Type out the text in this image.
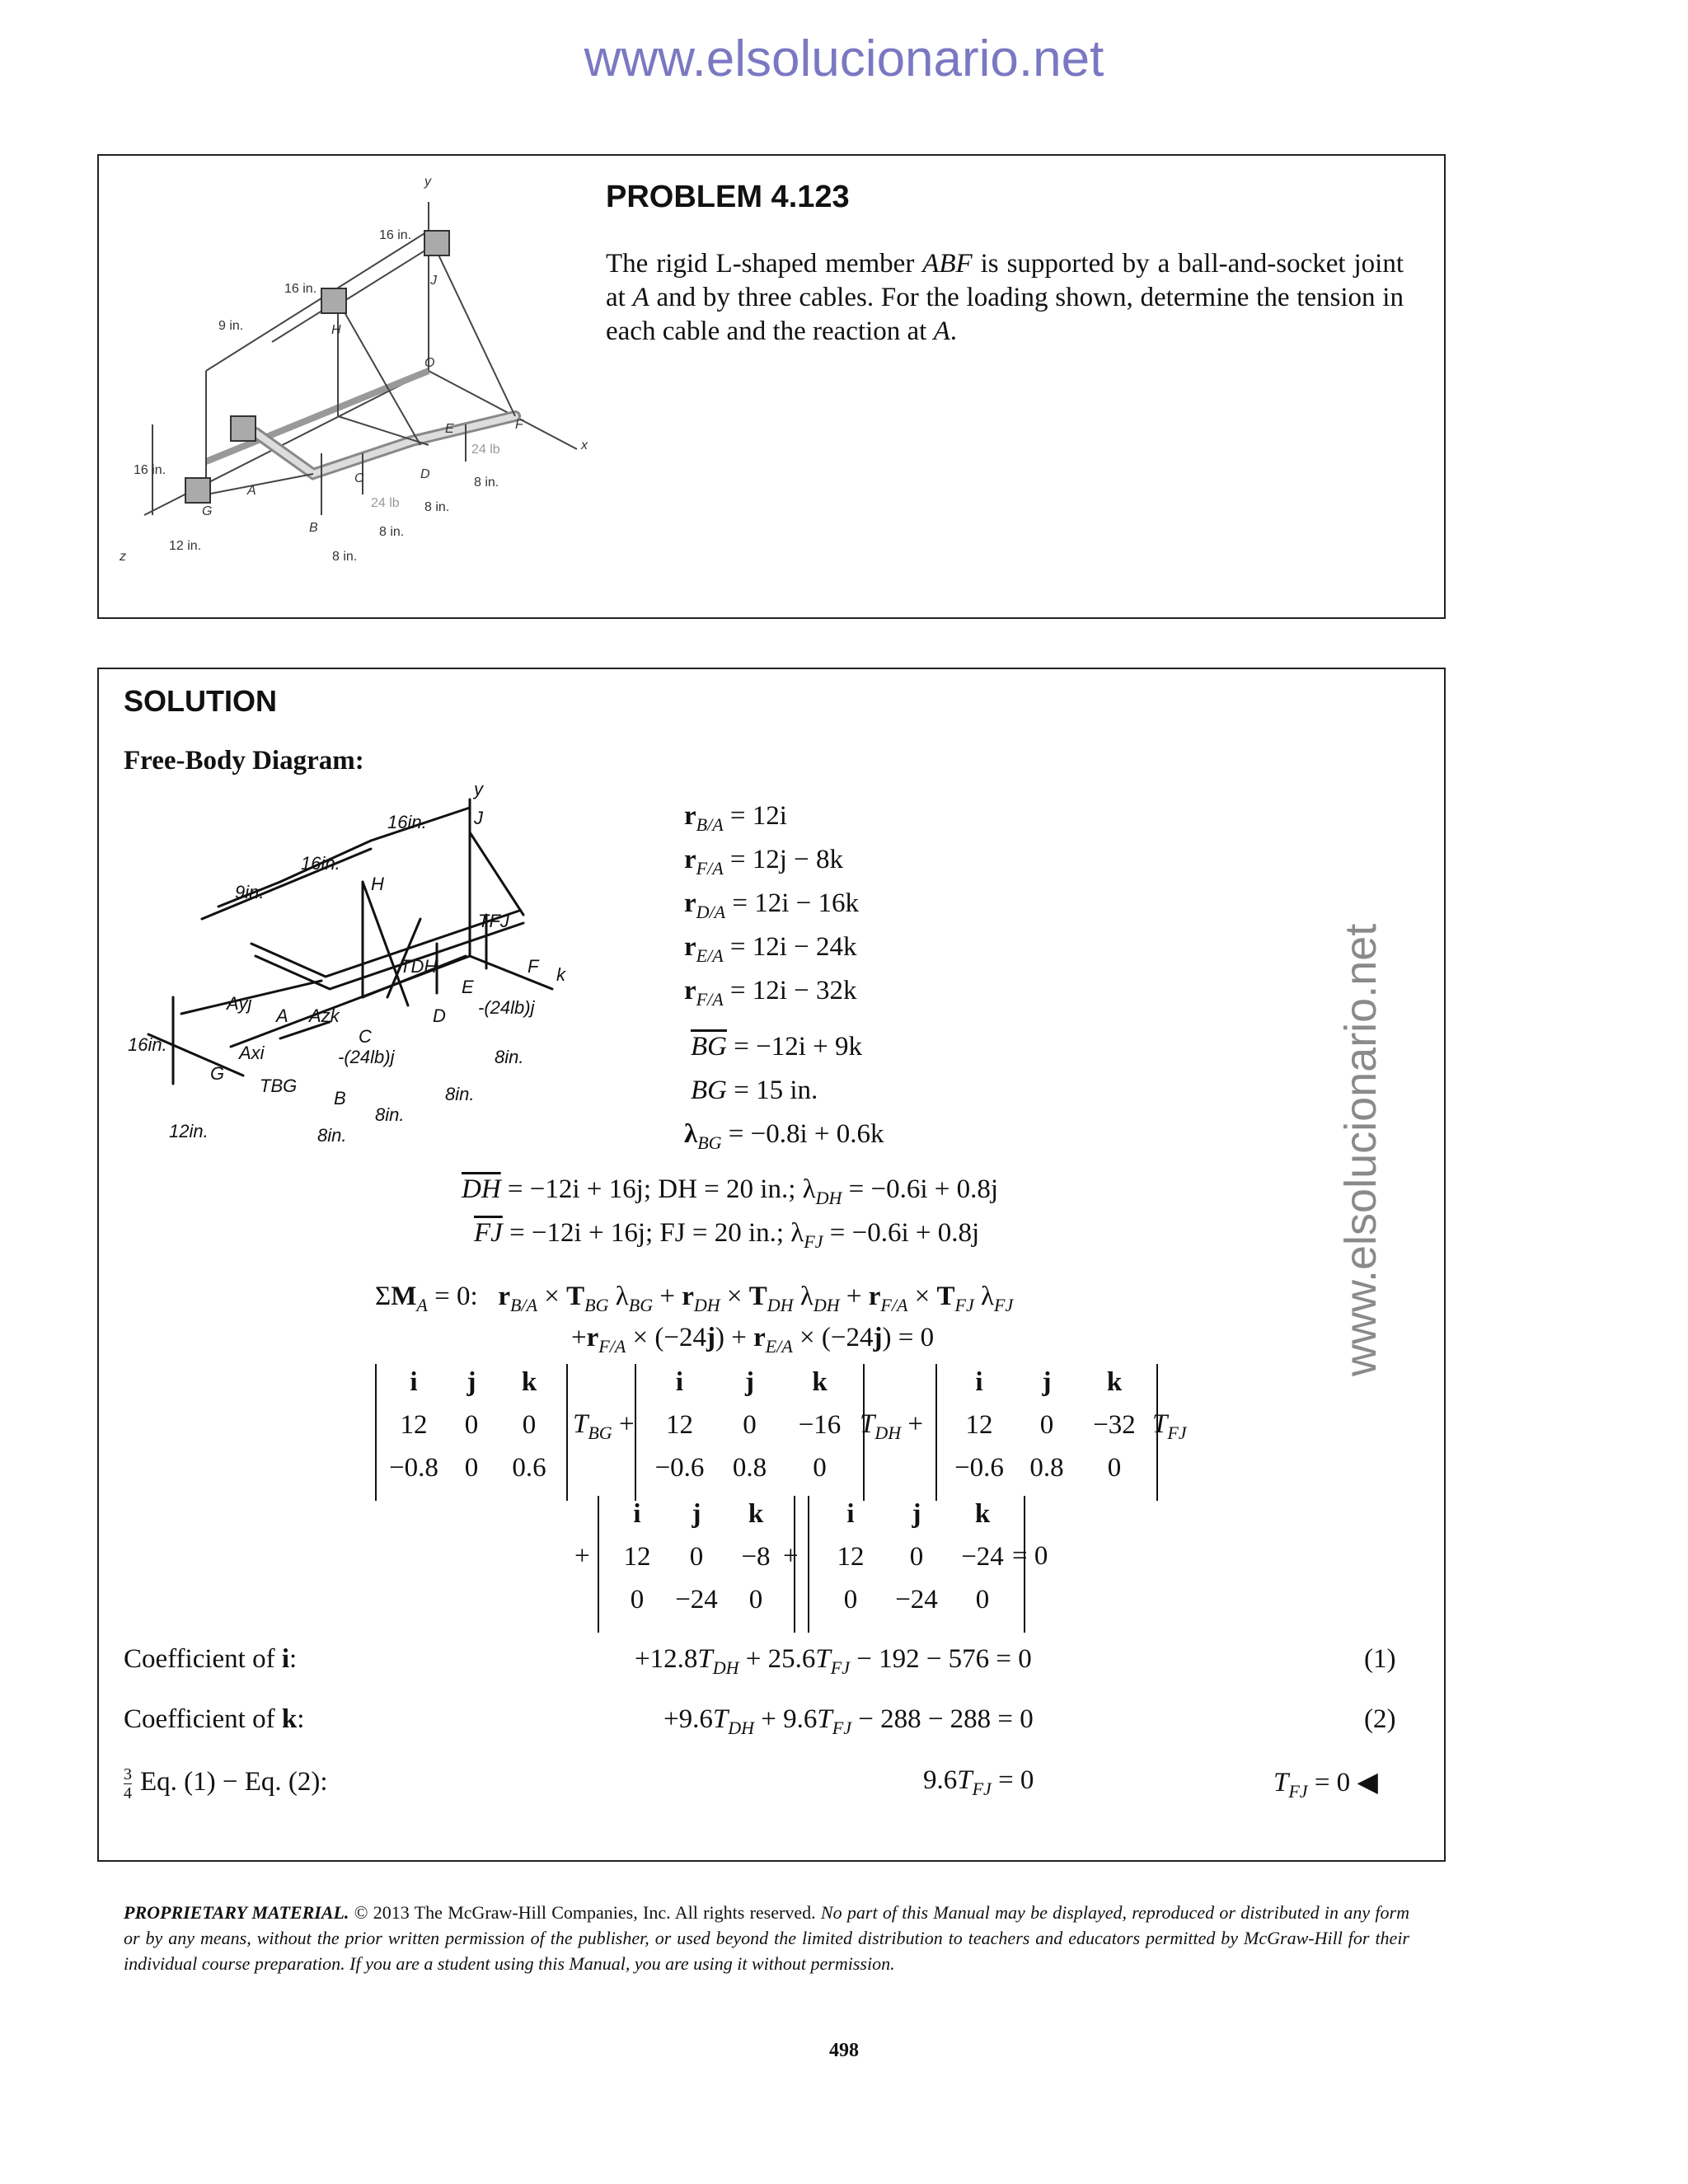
www.elsolucionario.net
www.elsolucionario.net
y
x
z
16 in.
16 in.
9 in.
16 in.
12 in.
8 in.
8 in.
8 in.
8 in.
24 lb
24 lb
A
B
C	D
E	F
G
H
J
O
PROBLEM 4.123
The rigid L-shaped member ABF is supported by a ball-and-socket joint at A and by three cables. For the loading shown, determine the tension in each cable and the reaction at A.
SOLUTION
Free-Body Diagram:
y
k
16in.
16in.
9in.
16in.
12in.	8in.
8in.
8in.
8in.
TBG
TDH
TFJ
Ayj
Axi
Azk
-(24lb)j
-(24lb)j
A
B
C
D
E
F
G
H
J	$r_{B/A} = 12i$
$r_{F/A} = 12j - 8k$
$r_{D/A} = 12i - 16k$
$r_{E/A} = 12i - 24k$
$r_{F/A} = 12i - 32k$
$\overline{BG} = -12i + 9k$
BG = 15 in.
$\lambda_{BG} = -0.8i + 0.6k$
$\overline{DH} = -12i + 16j$; DH = 20 in.; $\lambda_{DH} = -0.6i + 0.8j$
$\overline{FJ} = -12i + 16j$; FJ = 20 in.; $\lambda_{FJ} = -0.6i + 0.8j$
$\Sigma M_A = 0$:   $r_{B/A} \times T_{BG}$ $\lambda_{BG} + r_{DH} \times T_{DH}$ $\lambda_{DH} + r_{F/A} \times T_{FJ}$ $\lambda_{FJ}$
$+r_{F/A} \times (-24j) + r_{E/A} \times (-24j) = 0$
i	j	k
12	0	0
−0.8 0	0.6
$T_{BG}$ +
i	j	k
12	0	−16
−0.6	0.8	0
$T_{DH}$ +
i	j	k
12	0	−32
−0.6 0.8	0
$T_{FJ}$
+
i	j	k
12	0	−8
0	−24	0
+
i	j	k
12	0	−24
0	−24	0
= 0
Coefficient of i:	$+12.8T_{DH} + 25.6T_{FJ} - 192 - 576 = 0$	(1)
Coefficient of k:	$+9.6T_{DH} + 9.6T_{FJ} - 288 - 288 = 0$	(2)
$\frac{3}{4} Eq$. (1) − Eq. (2):	$9.6T_{FJ} = 0$	$T_{FJ} = 0$ ◀
PROPRIETARY MATERIAL. © 2013 The McGraw-Hill Companies, Inc. All rights reserved. No part of this Manual may be displayed, reproduced or distributed in any form or by any means, without the prior written permission of the publisher, or used beyond the limited distribution to teachers and educators permitted by McGraw-Hill for their individual course preparation. If you are a student using this Manual, you are using it without permission.
498
